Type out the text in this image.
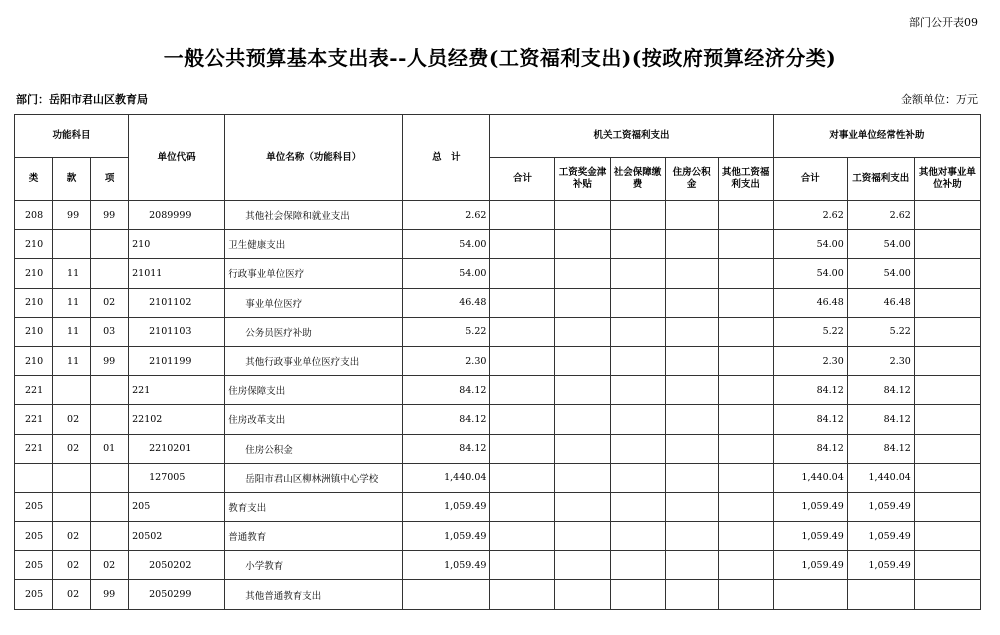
部门公开表09
一般公共预算基本支出表--人员经费(工资福利支出)(按政府预算经济分类)
部门：岳阳市君山区教育局	金额单位：万元
功能科目			单位代码	单位名称（功能科目）	总　计	机关工资福利支出					对事业单位经常性补助		
类	款	项				合计	工资奖金津补贴	社会保障缴费	住房公积金	其他工资福利支出	合计	工资福利支出	其他对事业单位补助
208	99	99	2089999	其他社会保障和就业支出	2.62						2.62	2.62	
210			210	卫生健康支出	54.00						54.00	54.00	
210	11		21011	行政事业单位医疗	54.00						54.00	54.00	
210	11	02	2101102	事业单位医疗	46.48						46.48	46.48	
210	11	03	2101103	公务员医疗补助	5.22						5.22	5.22	
210	11	99	2101199	其他行政事业单位医疗支出	2.30						2.30	2.30	
221			221	住房保障支出	84.12						84.12	84.12	
221	02		22102	住房改革支出	84.12						84.12	84.12	
221	02	01	2210201	住房公积金	84.12						84.12	84.12	
			127005	岳阳市君山区柳林洲镇中心学校	1,440.04						1,440.04	1,440.04	
205			205	教育支出	1,059.49						1,059.49	1,059.49	
205	02		20502	普通教育	1,059.49						1,059.49	1,059.49	
205	02	02	2050202	小学教育	1,059.49						1,059.49	1,059.49	
205	02	99	2050299	其他普通教育支出									
